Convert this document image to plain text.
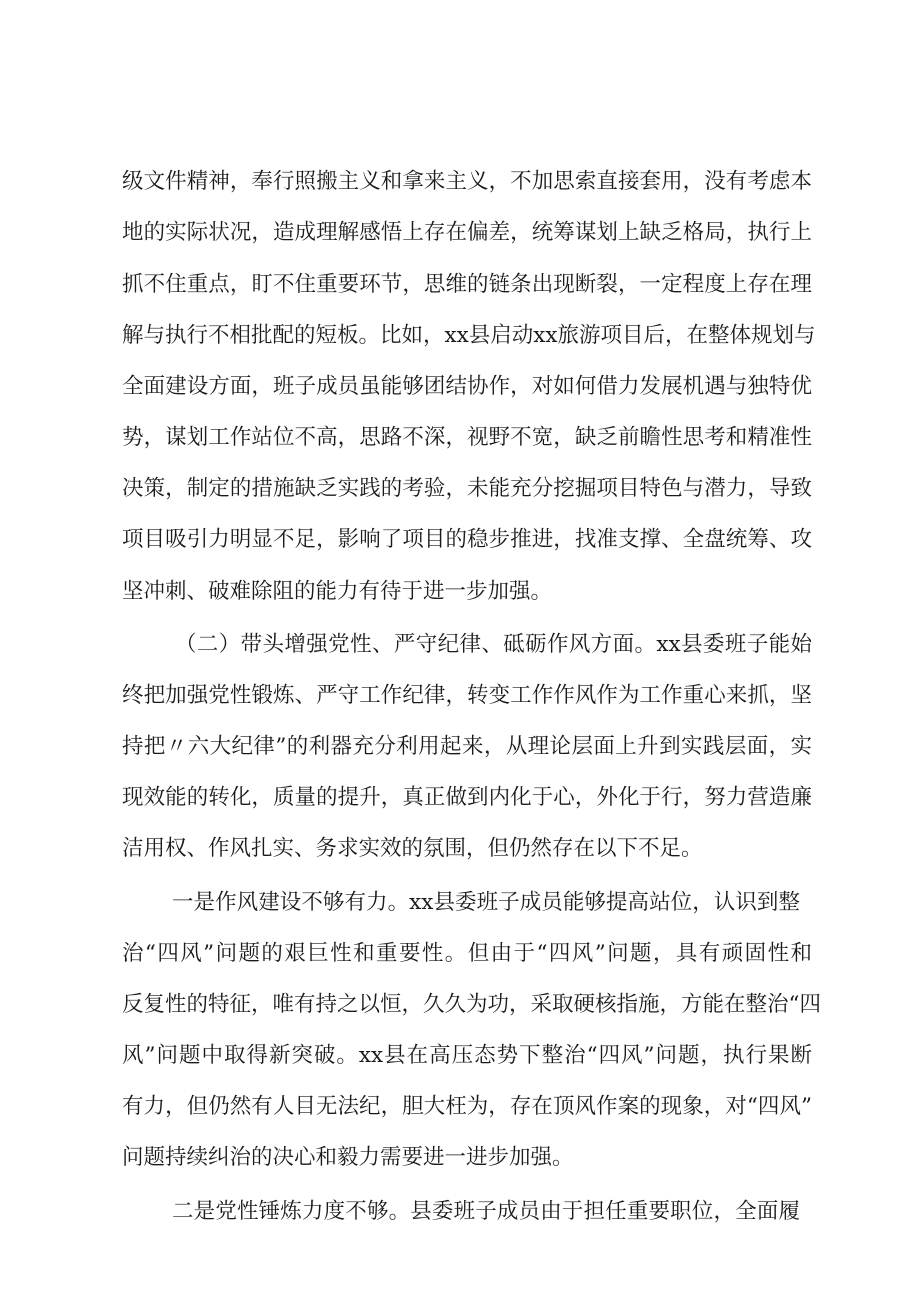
级文件精神，奉行照搬主义和拿来主义，不加思索直接套用，没有考虑本
地的实际状况，造成理解感悟上存在偏差，统筹谋划上缺乏格局，执行上
抓不住重点，盯不住重要环节，思维的链条出现断裂，一定程度上存在理
解与执行不相批配的短板。比如，xx县启动xx旅游项目后，在整体规划与
全面建设方面，班子成员虽能够团结协作，对如何借力发展机遇与独特优
势，谋划工作站位不高，思路不深，视野不宽，缺乏前瞻性思考和精准性
决策，制定的措施缺乏实践的考验，未能充分挖掘项目特色与潜力，导致
项目吸引力明显不足，影响了项目的稳步推进，找准支撑、全盘统筹、攻
坚冲刺、破难除阻的能力有待于进一步加强。
（二）带头增强党性、严守纪律、砥砺作风方面。xx县委班子能始
终把加强党性锻炼、严守工作纪律，转变工作作风作为工作重心来抓，坚
持把〃六大纪律”的利器充分利用起来，从理论层面上升到实践层面，实
现效能的转化，质量的提升，真正做到内化于心，外化于行，努力营造廉
洁用权、作风扎实、务求实效的氛围，但仍然存在以下不足。
一是作风建设不够有力。xx县委班子成员能够提高站位，认识到整
治“四风”问题的艰巨性和重要性。但由于“四风”问题，具有顽固性和
反复性的特征，唯有持之以恒，久久为功，采取硬核指施，方能在整治“四
风”问题中取得新突破。xx县在高压态势下整治“四风”问题，执行果断
有力，但仍然有人目无法纪，胆大枉为，存在顶风作案的现象，对“四风”
问题持续纠治的决心和毅力需要进一进步加强。
二是党性锤炼力度不够。县委班子成员由于担任重要职位，全面履
